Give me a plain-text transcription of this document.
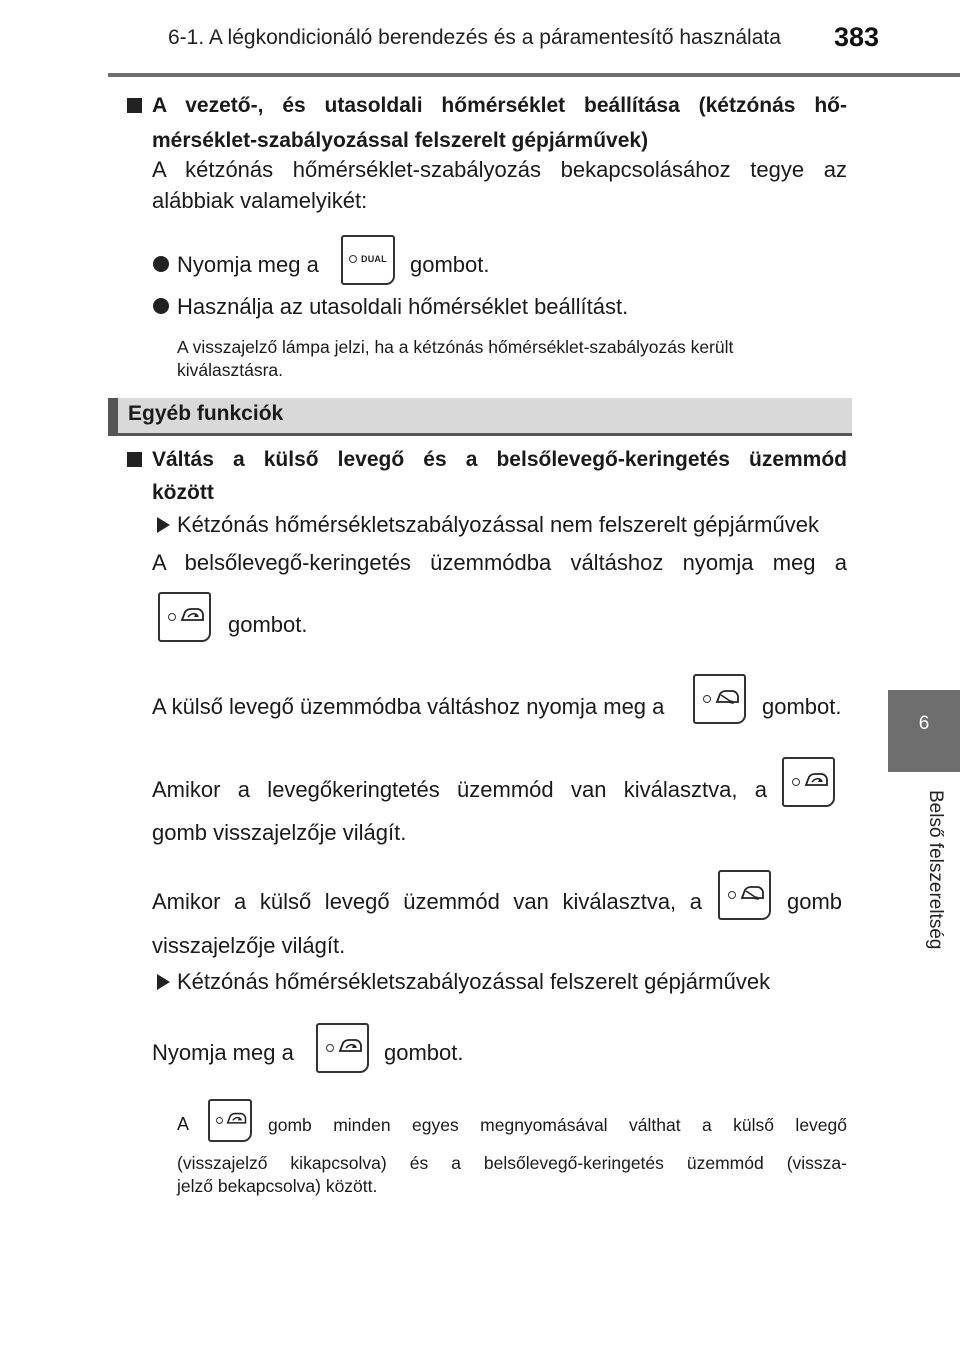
6-1. A légkondicionáló berendezés és a páramentesítő használata 383
6
Belső felszereltség
A vezető-, és utasoldali hőmérséklet beállítása (kétzónás hő-
mérséklet-szabályozással felszerelt gépjárművek)
A kétzónás hőmérséklet-szabályozás bekapcsolásához tegye az
alábbiak valamelyikét:
Nyomja meg a	DUAL gombot.
Használja az utasoldali hőmérséklet beállítást.
A visszajelző lámpa jelzi, ha a kétzónás hőmérséklet-szabályozás került
kiválasztásra.
Egyéb funkciók
Váltás a külső levegő és a belsőlevegő-keringetés üzemmód
között
Kétzónás hőmérsékletszabályozással nem felszerelt gépjárművek
A belsőlevegő-keringetés üzemmódba váltáshoz nyomja meg a
gombot.
A külső levegő üzemmódba váltáshoz nyomja meg a	gombot.
Amikor a levegőkeringtetés üzemmód van kiválasztva, a
gomb visszajelzője világít.
Amikor a külső levegő üzemmód van kiválasztva, a	gomb
visszajelzője világít.
Kétzónás hőmérsékletszabályozással felszerelt gépjárművek
Nyomja meg a	gombot.
A	gomb minden egyes megnyomásával válthat a külső levegő
(visszajelző kikapcsolva) és a belsőlevegő-keringetés üzemmód (vissza-
jelző bekapcsolva) között.
